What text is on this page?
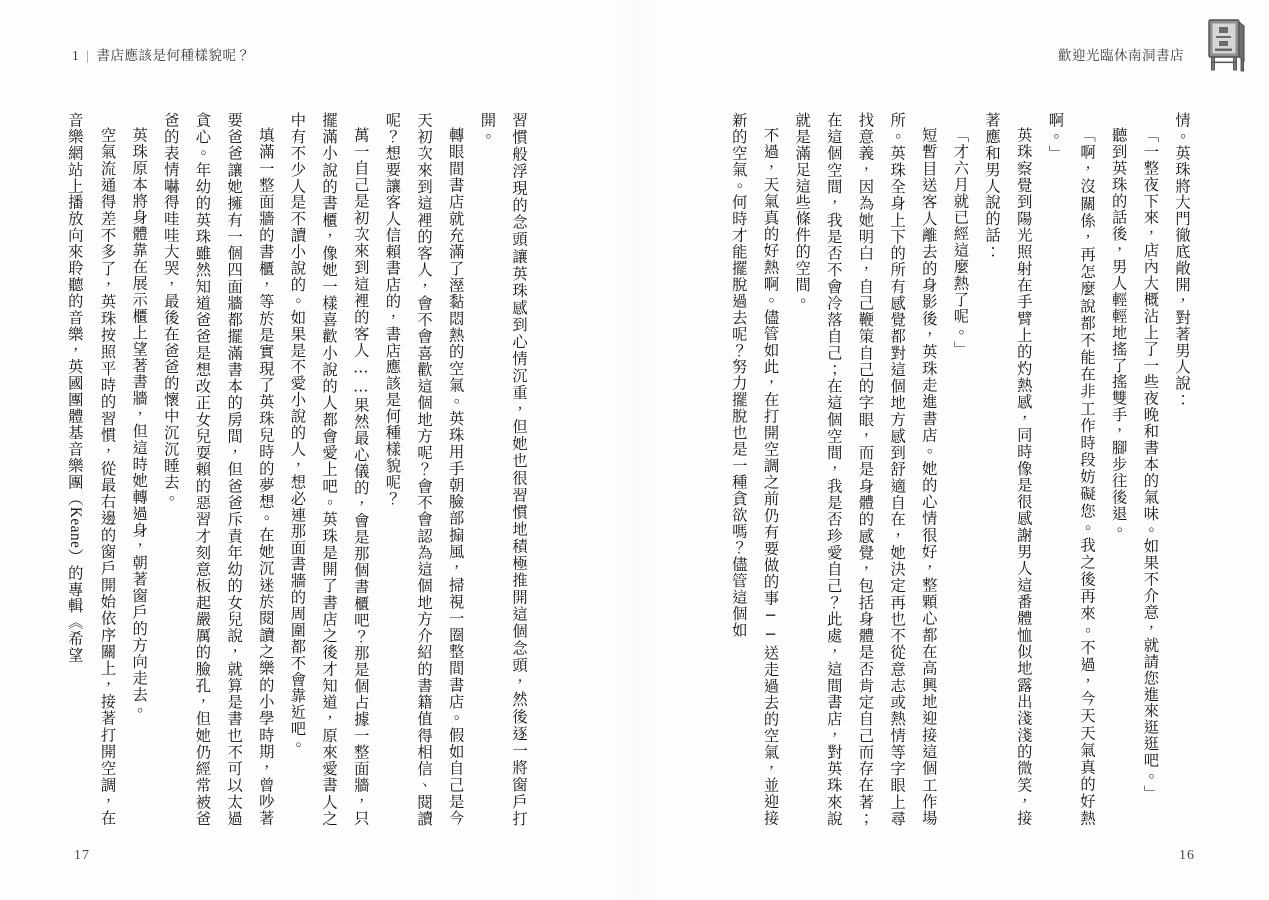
1 | 書店應該是何種樣貌呢？

習慣般浮現的念頭讓英珠感到心情沉重，但她也很習慣地積極推開這個念頭，然後逐一將窗戶打開。

轉眼間書店就充滿了溼黏悶熱的空氣。英珠用手朝臉部搧風，掃視一圈整間書店。假如自己是今天初次來到這裡的客人，會不會喜歡這個地方呢？會不會認為這個地方介紹的書籍值得相信、閱讀呢？想要讓客人信賴書店的，書店應該是何種樣貌呢？

萬一自己是初次來到這裡的客人……果然最心儀的，會是那個書櫃吧？那是個占據一整面牆，只擺滿小說的書櫃，像她一樣喜歡小說的人都會愛上吧。英珠是開了書店之後才知道，原來愛書人之中有不少人是不讀小說的。如果是不愛小說的人，想必連那面書牆的周圍都不會靠近吧。

填滿一整面牆的書櫃，等於是實現了英珠兒時的夢想。在她沉迷於閱讀之樂的小學時期，曾吵著要爸爸讓她擁有一個四面牆都擺滿書本的房間，但爸爸斥責年幼的女兒說，就算是書也不可以太過貪心。年幼的英珠雖然知道爸爸是想改正女兒耍賴的惡習才刻意板起嚴厲的臉孔，但她仍經常被爸爸的表情嚇得哇哇大哭，最後在爸爸的懷中沉沉睡去。

英珠原本將身體靠在展示櫃上望著書牆，但這時她轉過身，朝著窗戶的方向走去。

空氣流通得差不多了，英珠按照平時的習慣，從最右邊的窗戶開始依序關上，接著打開空調，在音樂網站上播放向來聆聽的音樂，英國團體基音樂團（Keane）的專輯《希望

17
歡迎光臨休南洞書店

情。英珠將大門徹底敞開，對著男人說：

「一整夜下來，店內大概沾上了一些夜晚和書本的氣味。如果不介意，就請您進來逛逛吧。」

聽到英珠的話後，男人輕輕地搖了搖雙手，腳步往後退。

「啊，沒關係，再怎麼說都不能在非工作時段妨礙您。我之後再來。不過，今天天氣真的好熱啊。」

英珠察覺到陽光照射在手臂上的灼熱感，同時像是很感謝男人這番體恤似地露出淺淺的微笑，接著應和男人說的話：

「才六月就已經這麼熱了呢。」

短暫目送客人離去的身影後，英珠走進書店。她的心情很好，整顆心都在高興地迎接這個工作場所。英珠全身上下的所有感覺都對這個地方感到舒適自在，她決定再也不從意志或熱情等字眼上尋找意義，因為她明白，自己鞭策自己的字眼，而是身體的感覺，包括身體是否肯定自己而存在著；在這個空間，我是否不會冷落自己；在這個空間，我是否珍愛自己？此處，這間書店，對英珠來說就是滿足這些條件的空間。

不過，天氣真的好熱啊。儘管如此，在打開空調之前仍有要做的事──送走過去的空氣，並迎接新的空氣。何時才能擺脫過去呢？努力擺脫也是一種貪欲嗎？儘管這個如

16
